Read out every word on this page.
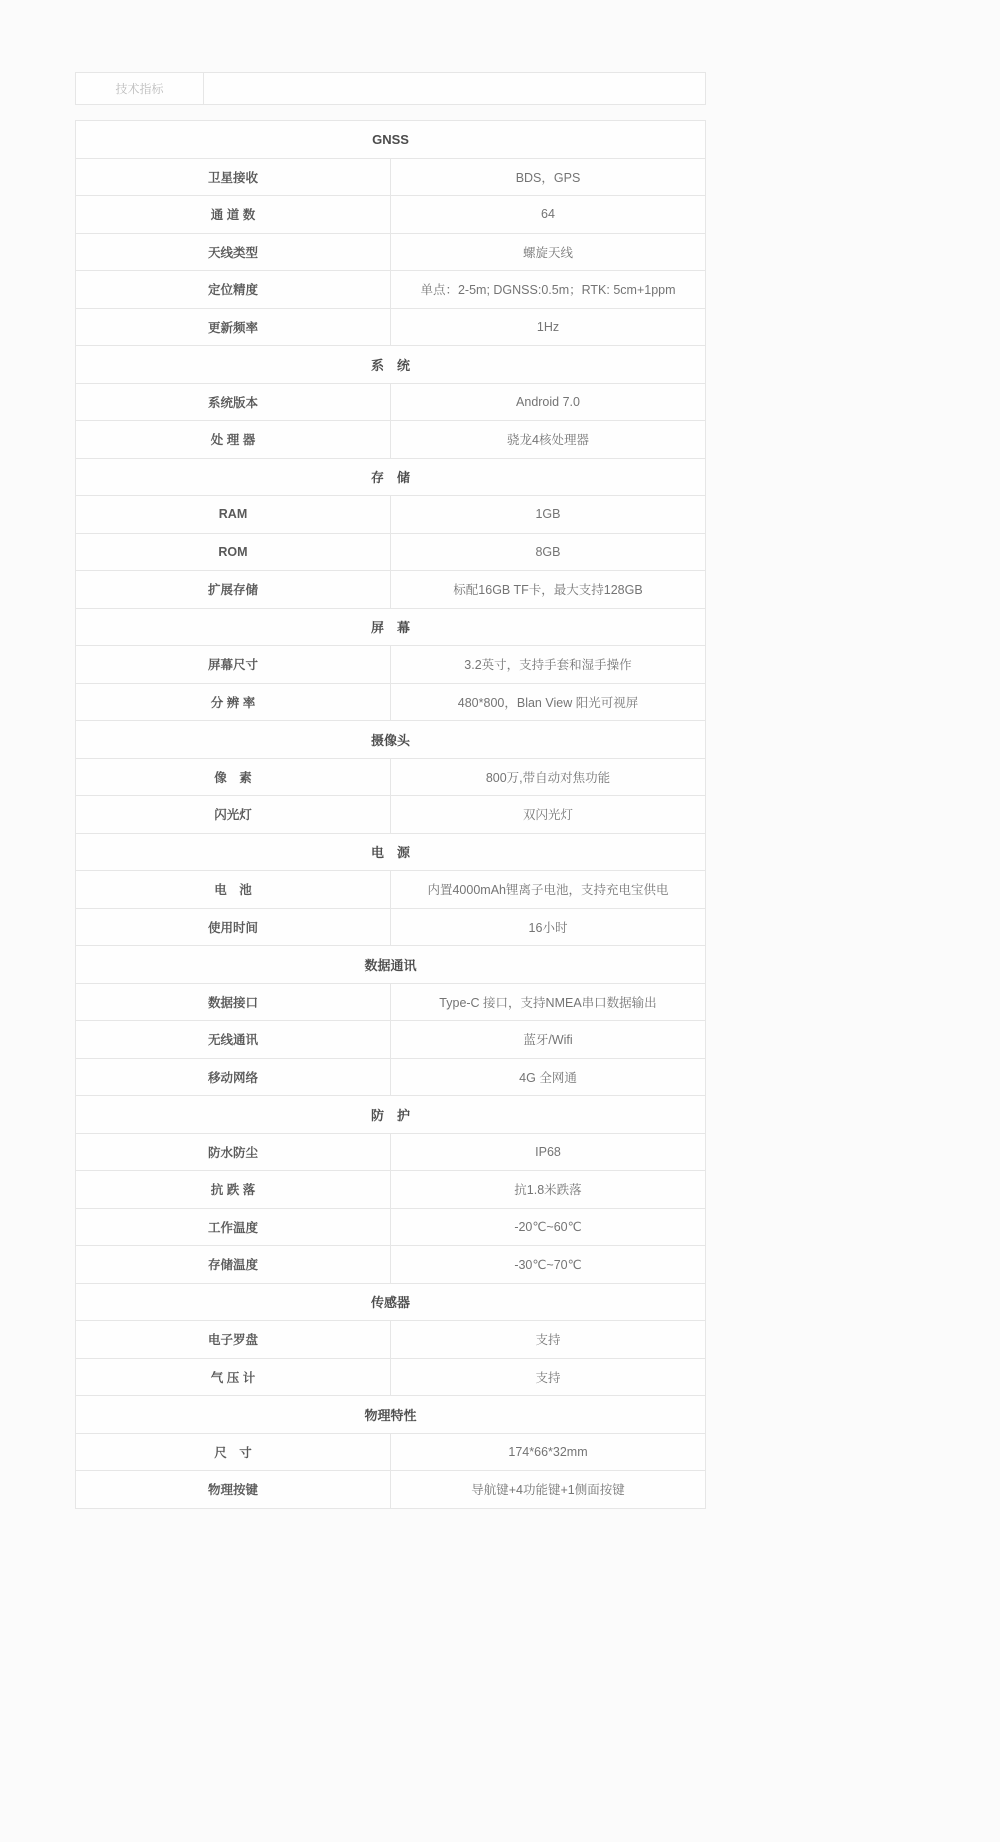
技术指标	
GNSS	
卫星接收	BDS，GPS
通 道 数	64
天线类型	螺旋天线
定位精度	单点：2-5m; DGNSS:0.5m；RTK: 5cm+1ppm
更新频率	1Hz
系　统	
系统版本	Android 7.0
处 理 器	骁龙4核处理器
存　储	
RAM	1GB
ROM	8GB
扩展存储	标配16GB TF卡，最大支持128GB
屏　幕	
屏幕尺寸	3.2英寸，支持手套和湿手操作
分 辨 率	480*800，Blan View 阳光可视屏
摄像头	
像　素	800万,带自动对焦功能
闪光灯	双闪光灯
电　源	
电　池	内置4000mAh锂离子电池，支持充电宝供电
使用时间	16小时
数据通讯	
数据接口	Type-C 接口，支持NMEA串口数据输出
无线通讯	蓝牙/Wifi
移动网络	4G 全网通
防　护	
防水防尘	IP68
抗 跌 落	抗1.8米跌落
工作温度	-20℃~60℃
存储温度	-30℃~70℃
传感器	
电子罗盘	支持
气 压 计	支持
物理特性	
尺　寸	174*66*32mm
物理按键	导航键+4功能键+1侧面按键
